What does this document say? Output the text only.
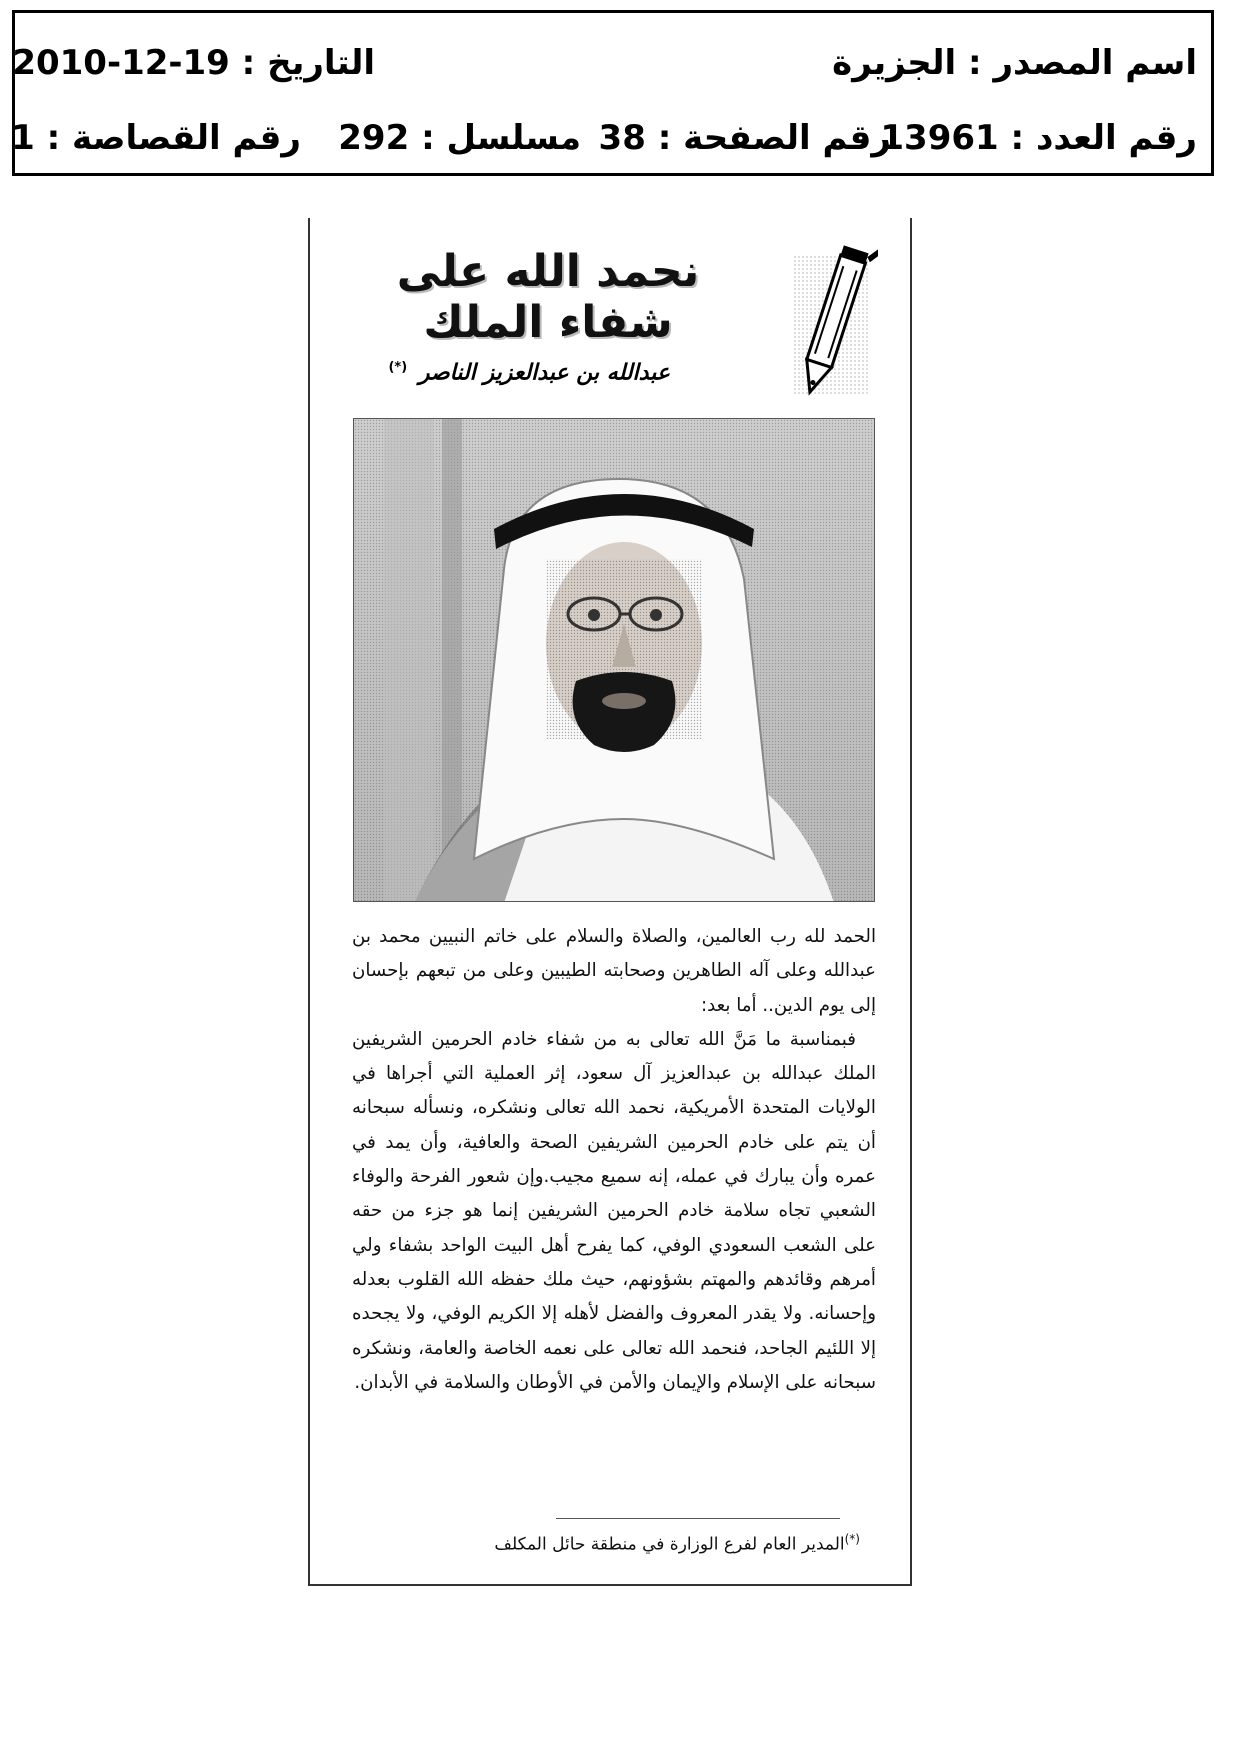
اسم المصدر : الجزيرة
التاريخ : 2010-12-19
رقم العدد : 13961
رقم الصفحة : 38
مسلسل : 292
رقم القصاصة : 1
نحمد الله على شفاء الملك
عبدالله بن عبدالعزيز الناصر (*)

الحمد لله رب العالمين، والصلاة والسلام على خاتم النبيين محمد بن عبدالله وعلى آله الطاهرين وصحابته الطيبين وعلى من تبعهم بإحسان إلى يوم الدين.. أما بعد:

فبمناسبة ما مَنَّ الله تعالى به من شفاء خادم الحرمين الشريفين الملك عبدالله بن عبدالعزيز آل سعود، إثر العملية التي أجراها في الولايات المتحدة الأمريكية، نحمد الله تعالى ونشكره، ونسأله سبحانه أن يتم على خادم الحرمين الشريفين الصحة والعافية، وأن يمد في عمره وأن يبارك في عمله، إنه سميع مجيب.وإن شعور الفرحة والوفاء الشعبي تجاه سلامة خادم الحرمين الشريفين إنما هو جزء من حقه على الشعب السعودي الوفي، كما يفرح أهل البيت الواحد بشفاء ولي أمرهم وقائدهم والمهتم بشؤونهم، حيث ملك حفظه الله القلوب بعدله وإحسانه. ولا يقدر المعروف والفضل لأهله إلا الكريم الوفي، ولا يجحده إلا اللئيم الجاحد، فنحمد الله تعالى على نعمه الخاصة والعامة، ونشكره سبحانه على الإسلام والإيمان والأمن في الأوطان والسلامة في الأبدان.

(*)المدير العام لفرع الوزارة في منطقة حائل المكلف
